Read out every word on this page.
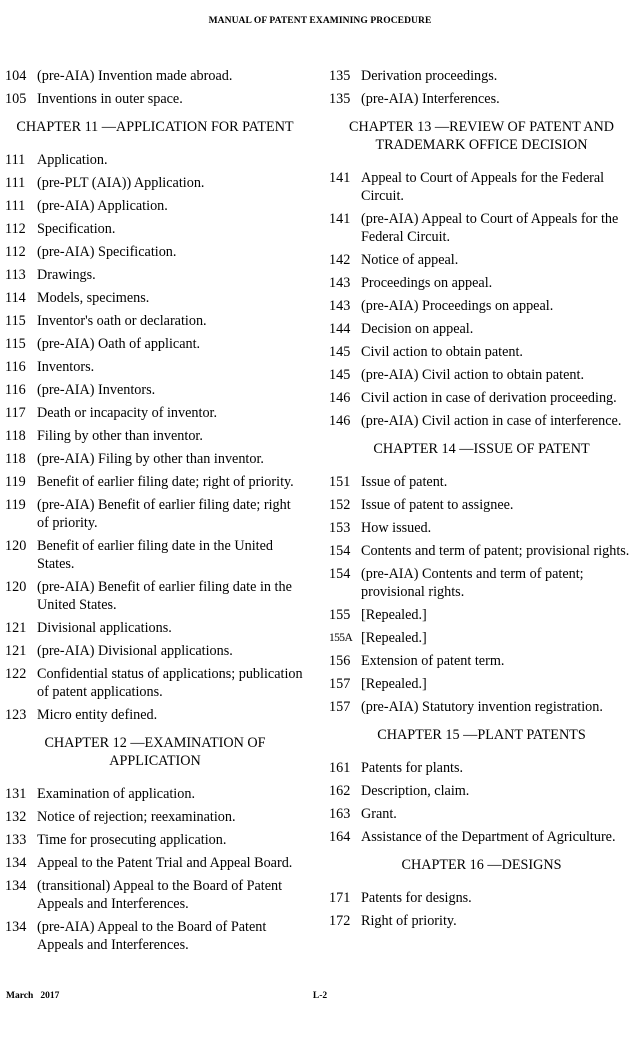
MANUAL OF PATENT EXAMINING PROCEDURE
104 (pre-AIA) Invention made abroad.
105 Inventions in outer space.
CHAPTER 11 —APPLICATION FOR PATENT
111 Application.
111 (pre-PLT (AIA)) Application.
111 (pre-AIA) Application.
112 Specification.
112 (pre-AIA) Specification.
113 Drawings.
114 Models, specimens.
115 Inventor's oath or declaration.
115 (pre-AIA) Oath of applicant.
116 Inventors.
116 (pre-AIA) Inventors.
117 Death or incapacity of inventor.
118 Filing by other than inventor.
118 (pre-AIA) Filing by other than inventor.
119 Benefit of earlier filing date; right of priority.
119 (pre-AIA) Benefit of earlier filing date; right of priority.
120 Benefit of earlier filing date in the United States.
120 (pre-AIA) Benefit of earlier filing date in the United States.
121 Divisional applications.
121 (pre-AIA) Divisional applications.
122 Confidential status of applications; publication of patent applications.
123 Micro entity defined.
CHAPTER 12 —EXAMINATION OF APPLICATION
131 Examination of application.
132 Notice of rejection; reexamination.
133 Time for prosecuting application.
134 Appeal to the Patent Trial and Appeal Board.
134 (transitional) Appeal to the Board of Patent Appeals and Interferences.
134 (pre-AIA) Appeal to the Board of Patent Appeals and Interferences.
135 Derivation proceedings.
135 (pre-AIA) Interferences.
CHAPTER 13 —REVIEW OF PATENT AND TRADEMARK OFFICE DECISION
141 Appeal to Court of Appeals for the Federal Circuit.
141 (pre-AIA) Appeal to Court of Appeals for the Federal Circuit.
142 Notice of appeal.
143 Proceedings on appeal.
143 (pre-AIA) Proceedings on appeal.
144 Decision on appeal.
145 Civil action to obtain patent.
145 (pre-AIA) Civil action to obtain patent.
146 Civil action in case of derivation proceeding.
146 (pre-AIA) Civil action in case of interference.
CHAPTER 14 —ISSUE OF PATENT
151 Issue of patent.
152 Issue of patent to assignee.
153 How issued.
154 Contents and term of patent; provisional rights.
154 (pre-AIA) Contents and term of patent; provisional rights.
155 [Repealed.]
155A [Repealed.]
156 Extension of patent term.
157 [Repealed.]
157 (pre-AIA) Statutory invention registration.
CHAPTER 15 —PLANT PATENTS
161 Patents for plants.
162 Description, claim.
163 Grant.
164 Assistance of the Department of Agriculture.
CHAPTER 16 —DESIGNS
171 Patents for designs.
172 Right of priority.
March   2017	L-2
